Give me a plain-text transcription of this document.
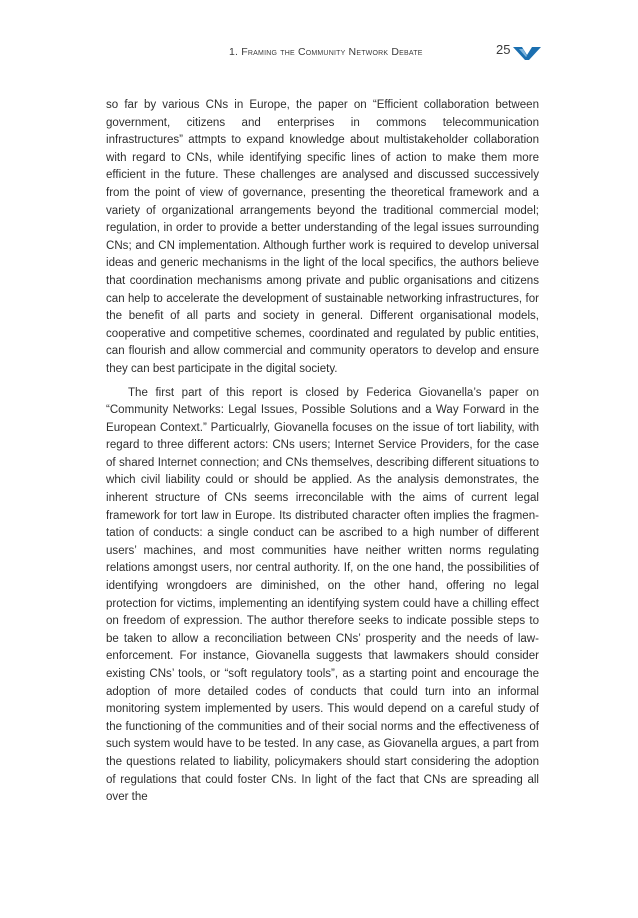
1. Framing the Community Network Debate	25

so far by various CNs in Europe, the paper on “Efficient collaboration between government, citizens and enterprises in commons telecommunication infrastructures” attmpts to expand knowledge about multistakeholder collaboration with regard to CNs, while identifying specific lines of action to make them more efficient in the future. These challenges are analysed and discussed successively from the point of view of governance, presenting the theoretical framework and a variety of organizational arrangements beyond the traditional commercial model; regulation, in order to provide a better understanding of the legal issues surrounding CNs; and CN implementation. Although further work is required to develop universal ideas and generic mechanisms in the light of the local specifics, the authors believe that coordination mechanisms among private and public organisations and citizens can help to accelerate the development of sustainable networking infrastructures, for the benefit of all parts and society in general. Different organisational models, cooperative and competitive schemes, coordinated and regulated by public entities, can flourish and allow commercial and community operators to develop and ensure they can best participate in the digital society.

The first part of this report is closed by Federica Giovanella’s paper on “Community Networks: Legal Issues, Possible Solutions and a Way Forward in the European Context.” Particualrly, Giovanella focuses on the issue of tort liability, with regard to three different actors: CNs users; Internet Service Providers, for the case of shared Internet connection; and CNs themselves, describing different situations to which civil liability could or should be applied. As the analysis demonstrates, the inherent structure of CNs seems irreconcilable with the aims of current legal framework for tort law in Europe. Its distributed character often implies the fragmentation of conducts: a single conduct can be ascribed to a high number of different users’ machines, and most communities have neither written norms regulating relations amongst users, nor central authority. If, on the one hand, the possibilities of identifying wrongdoers are diminished, on the other hand, offering no legal protection for victims, implementing an identifying system could have a chilling effect on freedom of expression. The author therefore seeks to indicate possible steps to be taken to allow a reconciliation between CNs’ prosperity and the needs of law-enforcement. For instance, Giovanella suggests that lawmakers should consider existing CNs’ tools, or “soft regulatory tools”, as a starting point and encourage the adoption of more detailed codes of conducts that could turn into an informal monitoring system implemented by users. This would depend on a careful study of the functioning of the communities and of their social norms and the effectiveness of such system would have to be tested. In any case, as Giovanella argues, a part from the questions related to liability, policymakers should start considering the adoption of regulations that could foster CNs. In light of the fact that CNs are spreading all over the
